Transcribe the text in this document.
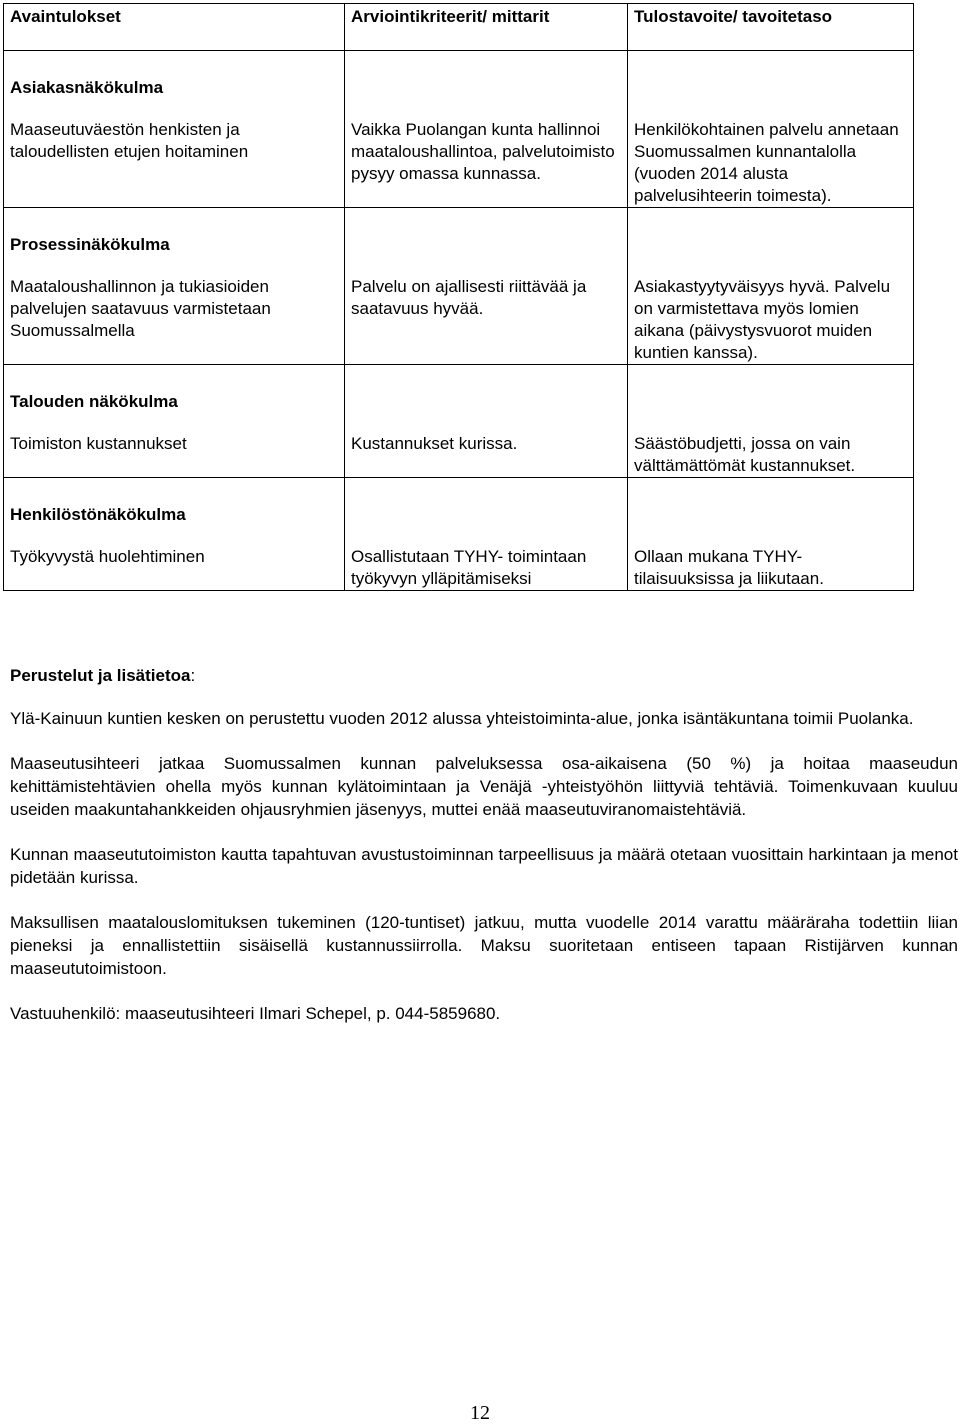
Avaintulokset	Arviointikriteerit/ mittarit	Tulostavoite/ tavoitetaso
Asiakasnäkökulma		
Maaseutuväestön henkisten ja taloudellisten etujen hoitaminen	Vaikka Puolangan kunta hallinnoi maataloushallintoa, palvelutoimisto pysyy omassa kunnassa.	Henkilökohtainen palvelu annetaan Suomussalmen kunnantalolla (vuoden 2014 alusta palvelusihteerin toimesta).
Prosessinäkökulma		
Maataloushallinnon ja tukiasioiden palvelujen saatavuus varmistetaan Suomussalmella	Palvelu on ajallisesti riittävää ja saatavuus hyvää.	Asiakastyytyväisyys hyvä. Palvelu on varmistettava myös lomien aikana (päivystysvuorot muiden kuntien kanssa).
Talouden näkökulma		
Toimiston kustannukset	Kustannukset kurissa.	Säästöbudjetti, jossa on vain välttämättömät kustannukset.
Henkilöstönäkökulma		
Työkyvystä huolehtiminen	Osallistutaan TYHY- toimintaan työkyvyn ylläpitämiseksi	Ollaan mukana TYHY- tilaisuuksissa ja liikutaan.

Perustelut ja lisätietoa:

Ylä-Kainuun kuntien kesken on perustettu vuoden 2012 alussa yhteistoiminta-alue, jonka isäntäkuntana toimii Puolanka.

Maaseutusihteeri jatkaa Suomussalmen kunnan palveluksessa osa-aikaisena (50 %) ja hoitaa maaseudun kehittämistehtävien ohella myös kunnan kylätoimintaan ja Venäjä -yhteistyöhön liittyviä tehtäviä. Toimenkuvaan kuuluu useiden maakuntahankkeiden ohjausryhmien jäsenyys, muttei enää maaseutuviranomaistehtäviä.

Kunnan maaseututoimiston kautta tapahtuvan avustustoiminnan tarpeellisuus ja määrä otetaan vuosittain harkintaan ja menot pidetään kurissa.

Maksullisen maatalouslomituksen tukeminen (120-tuntiset) jatkuu, mutta vuodelle 2014 varattu määräraha todettiin liian pieneksi ja ennallistettiin sisäisellä kustannussiirrolla. Maksu suoritetaan entiseen tapaan Ristijärven kunnan maaseututoimistoon.

Vastuuhenkilö: maaseutusihteeri Ilmari Schepel, p. 044-5859680.

12
